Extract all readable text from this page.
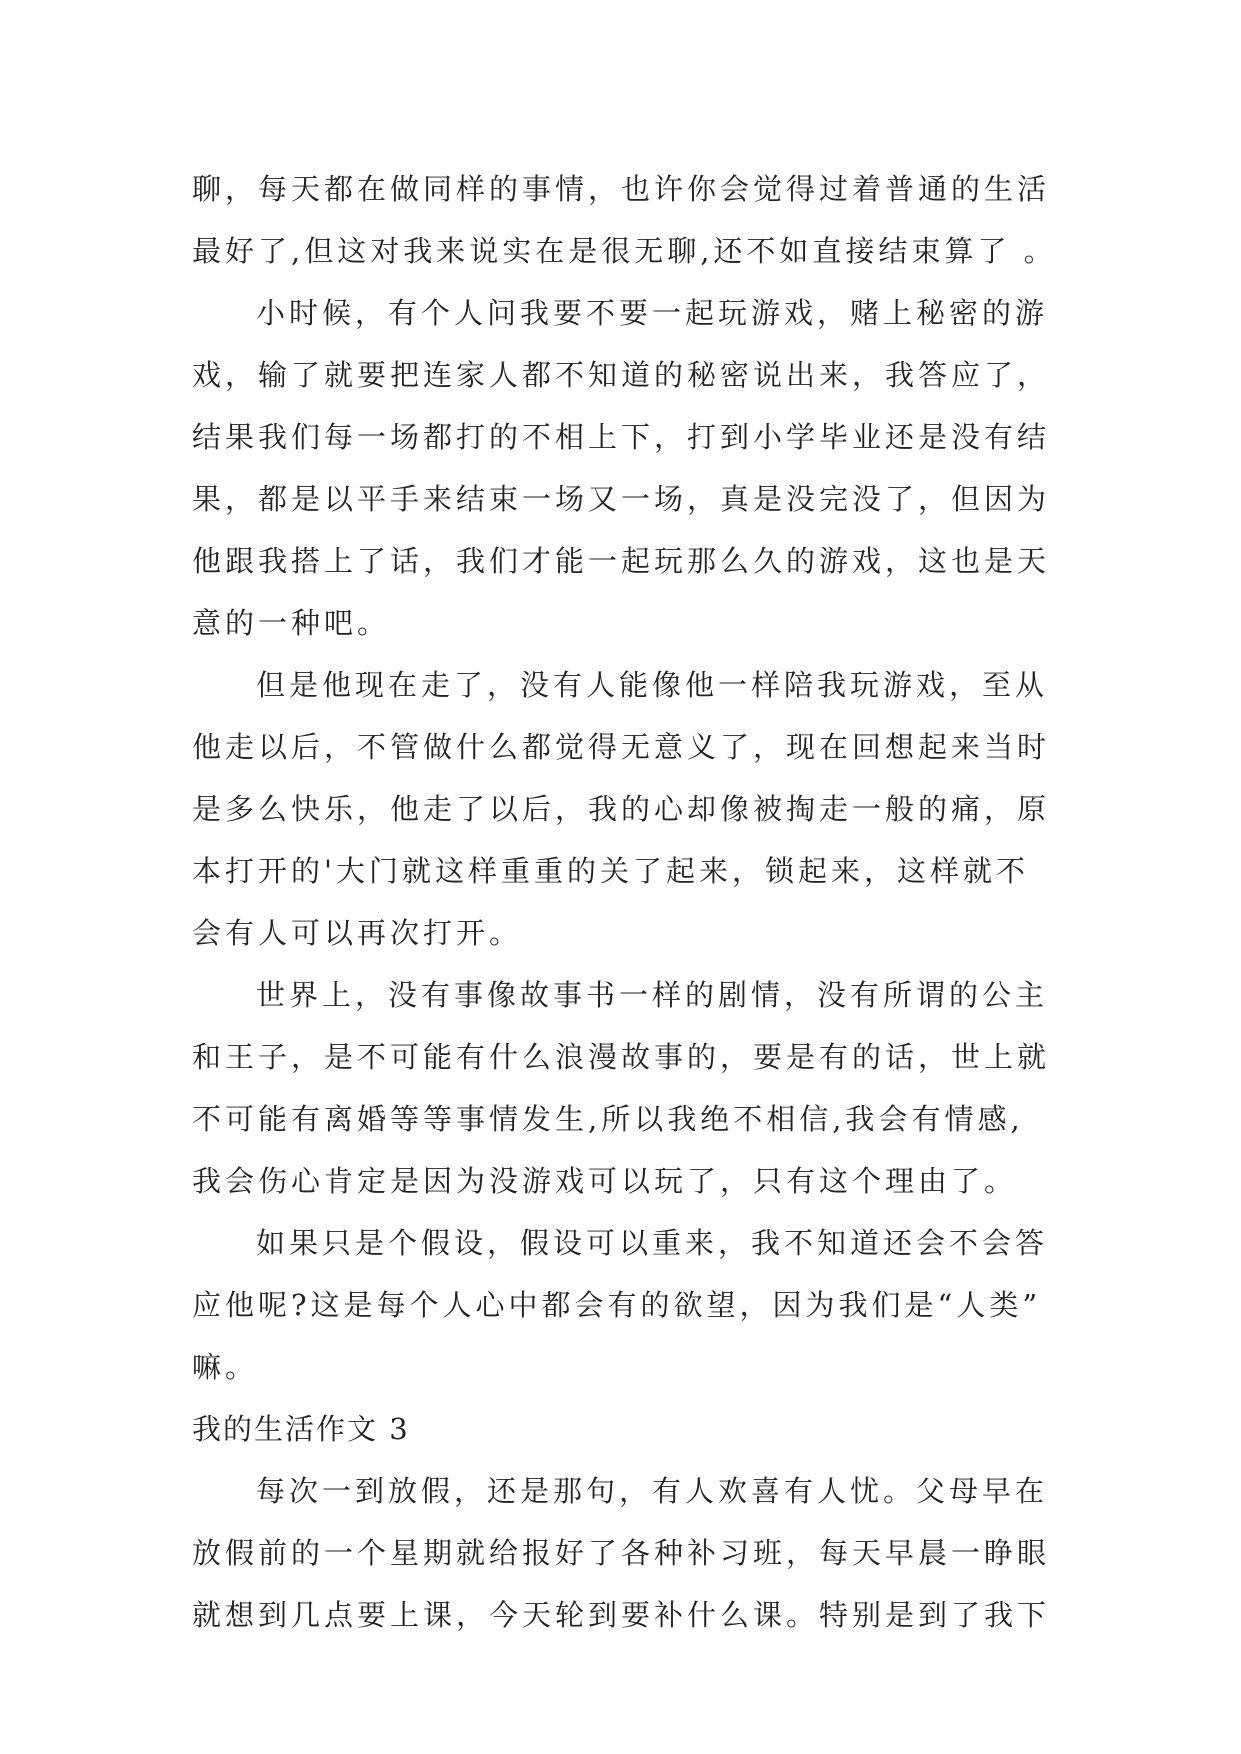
聊，每天都在做同样的事情，也许你会觉得过着普通的生活
最好了,但这对我来说实在是很无聊,还不如直接结束算了 。
小时候，有个人问我要不要一起玩游戏，赌上秘密的游
戏，输了就要把连家人都不知道的秘密说出来，我答应了，
结果我们每一场都打的不相上下，打到小学毕业还是没有结
果，都是以平手来结束一场又一场，真是没完没了，但因为
他跟我搭上了话，我们才能一起玩那么久的游戏，这也是天
意的一种吧。
但是他现在走了，没有人能像他一样陪我玩游戏，至从
他走以后，不管做什么都觉得无意义了，现在回想起来当时
是多么快乐，他走了以后，我的心却像被掏走一般的痛，原
本打开的'大门就这样重重的关了起来，锁起来，这样就不
会有人可以再次打开。
世界上，没有事像故事书一样的剧情，没有所谓的公主
和王子，是不可能有什么浪漫故事的，要是有的话，世上就
不可能有离婚等等事情发生,所以我绝不相信,我会有情感,
我会伤心肯定是因为没游戏可以玩了，只有这个理由了。
如果只是个假设，假设可以重来，我不知道还会不会答
应他呢?这是每个人心中都会有的欲望，因为我们是“人类”
嘛。
我的生活作文 3
每次一到放假，还是那句，有人欢喜有人忧。父母早在
放假前的一个星期就给报好了各种补习班，每天早晨一睁眼
就想到几点要上课，今天轮到要补什么课。特别是到了我下
